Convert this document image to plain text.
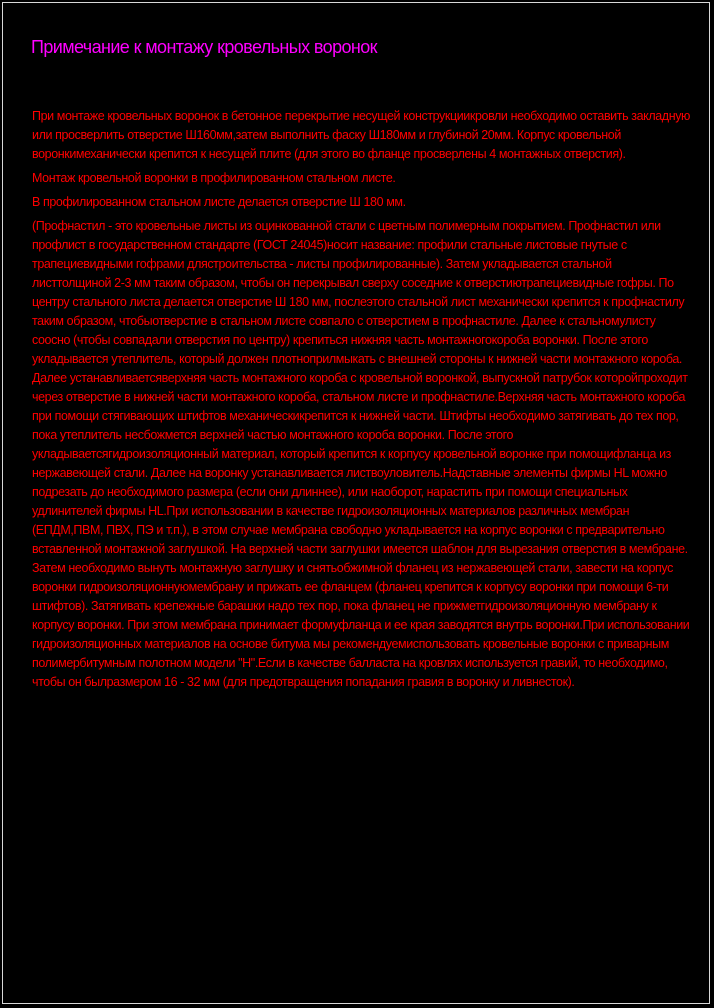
Примечание к монтажу кровельных воронок

При монтаже кровельных воронок в бетонное перекрытие несущей конструкциикровли необходимо оставить закладную или просверлить отверстие Ш160мм,затем выполнить фаску Ш180мм и глубиной 20мм. Корпус кровельной воронкимеханически крепится к несущей плите (для этого во фланце просверлены 4 монтажных отверстия).

Монтаж кровельной воронки в профилированном стальном листе.

В профилированном стальном листе делается отверстие Ш 180 мм.

(Профнастил - это кровельные листы из оцинкованной стали с цветным полимерным покрытием. Профнастил или профлист в государственном стандарте (ГОСТ 24045)носит название: профили стальные листовые гнутые с трапециевидными гофрами длястроительства - листы профилированные). Затем укладывается стальной листтолщиной 2-3 мм таким образом, чтобы он перекрывал сверху соседние к отверстиютрапециевидные гофры. По центру стального листа делается отверстие Ш 180 мм, послеэтого стальной лист механически крепится к профнастилу таким образом, чтобыотверстие в стальном листе совпало с отверстием в профнастиле. Далее к стальномулисту соосно (чтобы совпадали отверстия по центру) крепиться нижняя часть монтажногокороба воронки. После этого укладывается утеплитель, который должен плотноприлмыкать с внешней стороны к нижней части монтажного короба. Далее устанавливаетсяверхняя часть монтажного короба с кровельной воронкой, выпускной патрубок которойпроходит через отверстие в нижней части монтажного короба, стальном листе и профнастиле.Верхняя часть монтажного короба при помощи стягивающих штифтов механическикрепится к нижней части. Штифты необходимо затягивать до тех пор, пока утеплитель несбожмется верхней частью монтажного короба воронки. После этого укладываетсягидроизоляционный материал, который крепится к корпусу кровельной воронке при помощифланца из нержавеющей стали. Далее на воронку устанавливается листвоуловитель.Надставные элементы фирмы HL можно подрезать до необходимого размера (если они длиннее), или наоборот, нарастить при помощи специальных удлинителей фирмы HL.При использовании в качестве гидроизоляционных материалов различных мембран (ЕПДМ,ПВМ, ПВХ, ПЭ и т.п.), в этом случае мембрана свободно укладывается на корпус воронки с предварительно вставленной монтажной заглушкой. На верхней части заглушки имеется шаблон для вырезания отверстия в мембране. Затем необходимо вынуть монтажную заглушку и снятьобжимной фланец из нержавеющей стали, завести на корпус воронки гидроизоляционнуюмембрану и прижать ее фланцем (фланец крепится к корпусу воронки при помощи 6-ти штифтов). Затягивать крепежные барашки надо тех пор, пока фланец не прижметгидроизоляционную мембрану к корпусу воронки. При этом мембрана принимает формуфланца и ее края заводятся внутрь воронки.При использовании гидроизоляционных материалов на основе битума мы рекомендуемиспользовать кровельные воронки с приварным полимербитумным полотном модели "Н".Если в качестве балласта на кровлях используется гравий, то необходимо, чтобы он былразмером 16 - 32 мм (для предотвращения попадания гравия в воронку и ливнесток).
